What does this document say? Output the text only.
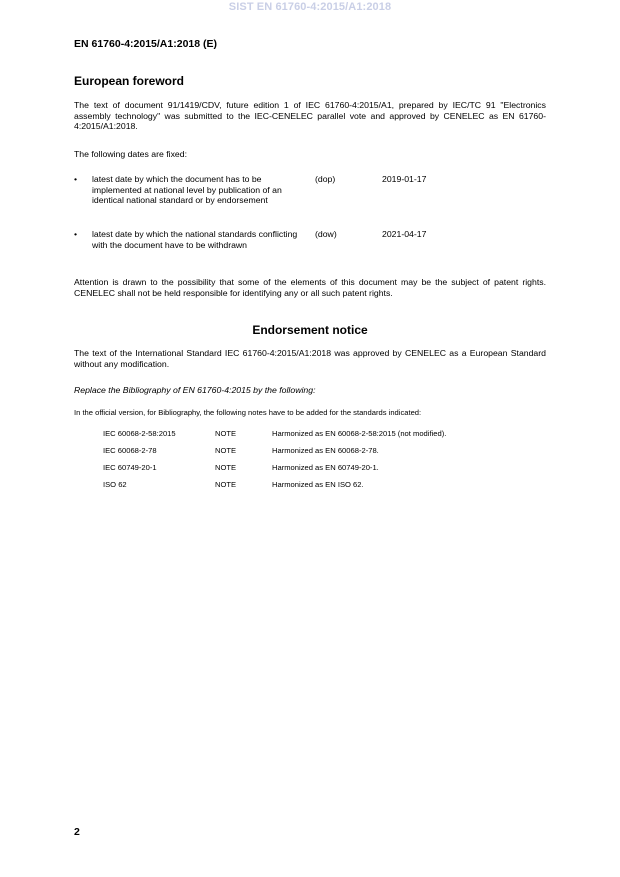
SIST EN 61760-4:2015/A1:2018
EN 61760-4:2015/A1:2018 (E)
European foreword
The text of document 91/1419/CDV, future edition 1 of IEC 61760-4:2015/A1, prepared by IEC/TC 91 "Electronics assembly technology" was submitted to the IEC-CENELEC parallel vote and approved by CENELEC as EN 61760-4:2015/A1:2018.
The following dates are fixed:
• latest date by which the document has to be implemented at national level by publication of an identical national standard or by endorsement
(dop)	2019-01-17
• latest date by which the national standards conflicting with the document have to be withdrawn
(dow)	2021-04-17
Attention is drawn to the possibility that some of the elements of this document may be the subject of patent rights. CENELEC shall not be held responsible for identifying any or all such patent rights.
Endorsement notice
The text of the International Standard IEC 61760-4:2015/A1:2018 was approved by CENELEC as a European Standard without any modification.
Replace the Bibliography of EN 61760-4:2015 by the following:
In the official version, for Bibliography, the following notes have to be added for the standards indicated:
IEC 60068-2-58:2015	NOTE	Harmonized as EN 60068-2-58:2015 (not modified).
IEC 60068-2-78	NOTE	Harmonized as EN 60068-2-78.
IEC 60749-20-1	NOTE	Harmonized as EN 60749-20-1.
ISO 62	NOTE	Harmonized as EN ISO 62.
2
